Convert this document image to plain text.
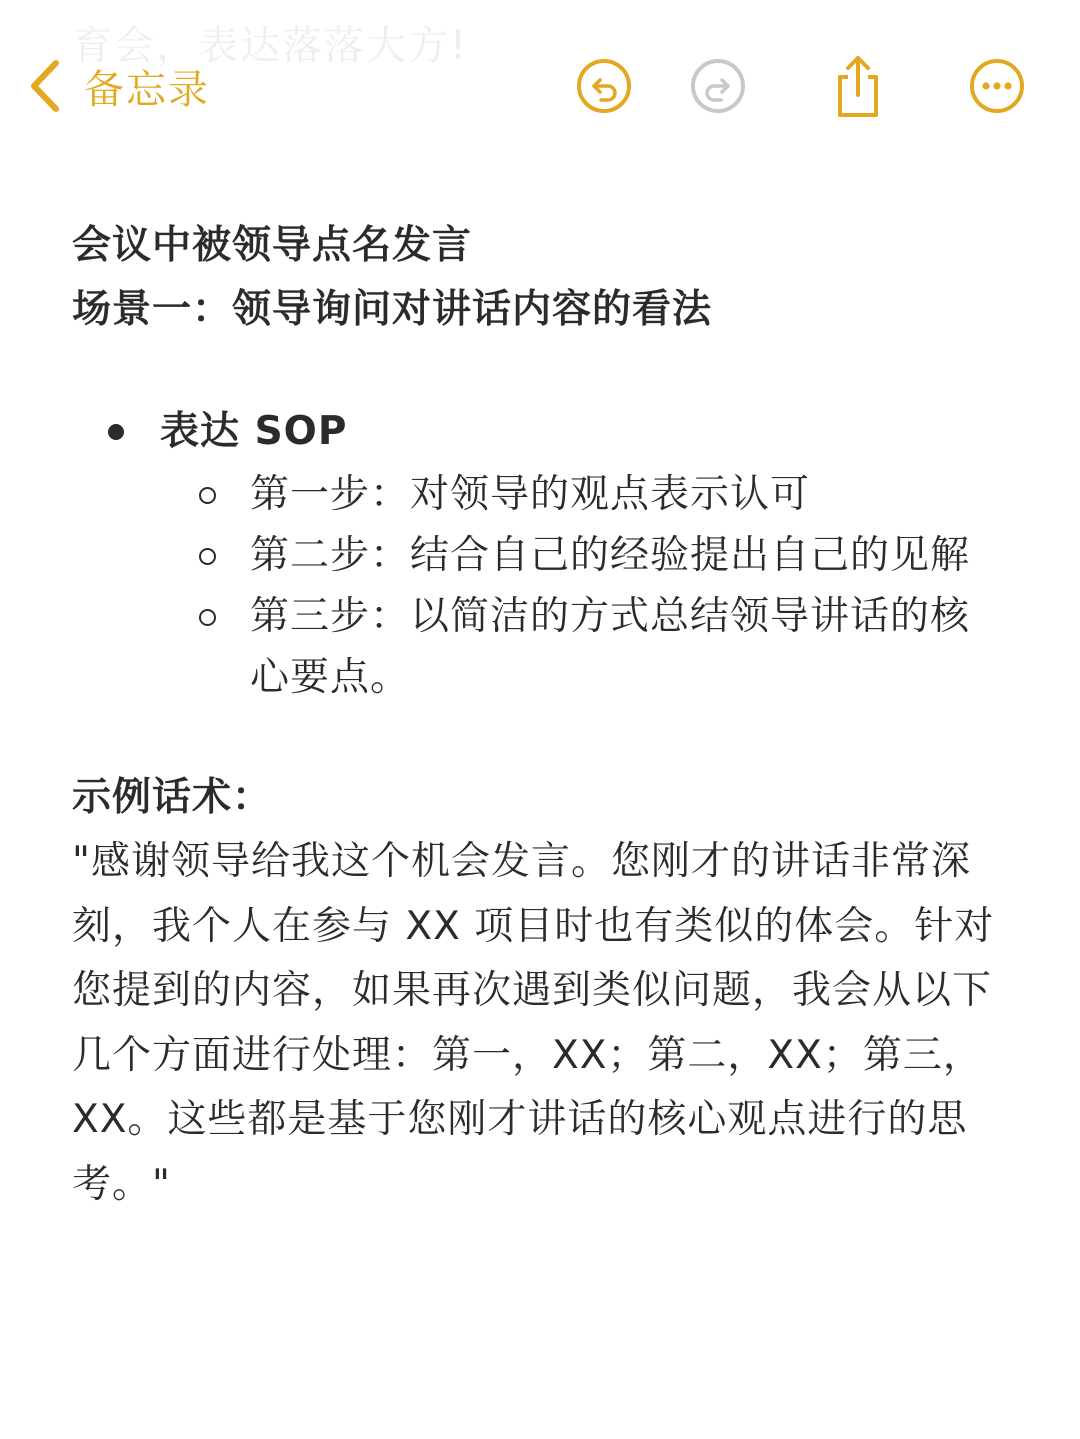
育会，表达落落大方!
备忘录
会议中被领导点名发言
场景一：领导询问对讲话内容的看法
表达 SOP
第一步：对领导的观点表示认可
第二步：结合自己的经验提出自己的见解
第三步：以简洁的方式总结领导讲话的核心要点。
示例话术：
"感谢领导给我这个机会发言。您刚才的讲话非常深刻，我个人在参与 XX 项目时也有类似的体会。针对您提到的内容，如果再次遇到类似问题，我会从以下几个方面进行处理：第一，XX；第二，XX；第三，XX。这些都是基于您刚才讲话的核心观点进行的思考。"
